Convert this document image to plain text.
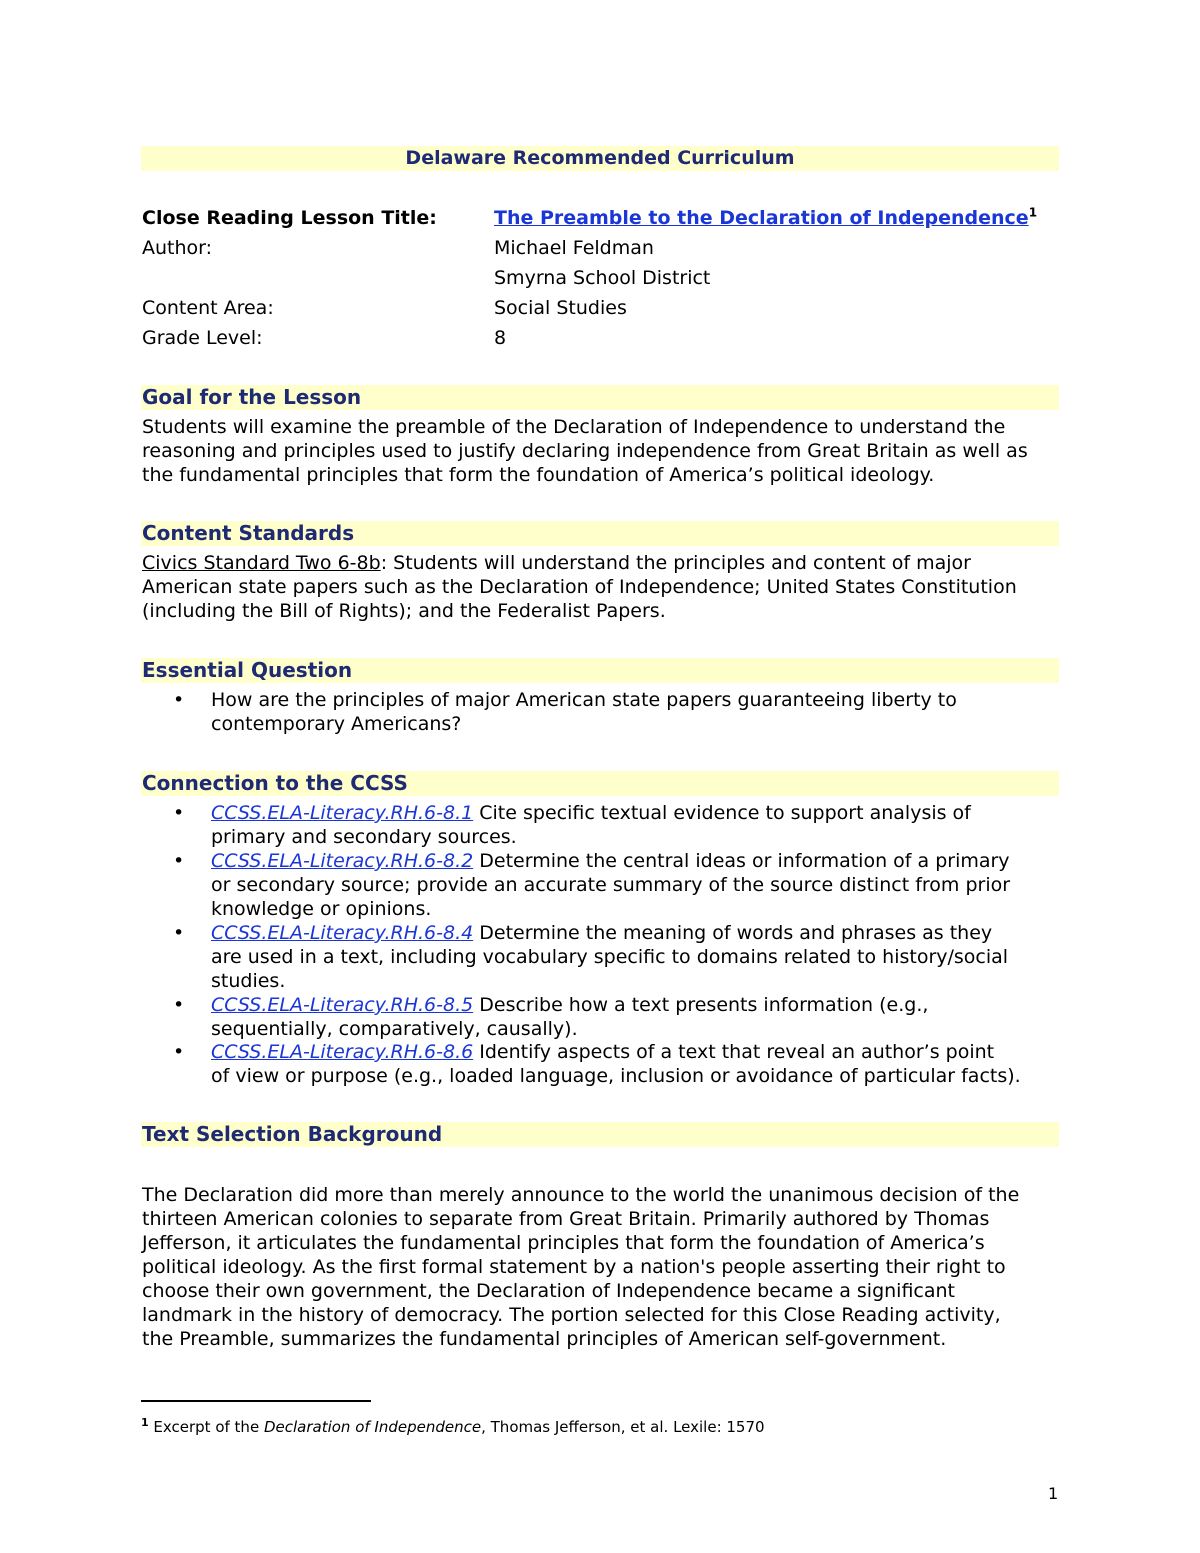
Delaware Recommended Curriculum
Close Reading Lesson Title:	The Preamble to the Declaration of Independence$^1$
Author:	Michael Feldman
Smyrna School District
Content Area:	Social Studies
Grade Level:	8
Goal for the Lesson
Students will examine the preamble of the Declaration of Independence to understand the
reasoning and principles used to justify declaring independence from Great Britain as well as
the fundamental principles that form the foundation of America’s political ideology.
Content Standards
Civics Standard Two 6-8b: Students will understand the principles and content of major
American state papers such as the Declaration of Independence; United States Constitution
(including the Bill of Rights); and the Federalist Papers.
Essential Question
• How are the principles of major American state papers guaranteeing liberty to
contemporary Americans?
Connection to the CCSS
• CCSS.ELA-Literacy.RH.6-8.1 Cite specific textual evidence to support analysis of
primary and secondary sources.
• CCSS.ELA-Literacy.RH.6-8.2 Determine the central ideas or information of a primary
or secondary source; provide an accurate summary of the source distinct from prior
knowledge or opinions.
• CCSS.ELA-Literacy.RH.6-8.4 Determine the meaning of words and phrases as they
are used in a text, including vocabulary specific to domains related to history/social
studies.
• CCSS.ELA-Literacy.RH.6-8.5 Describe how a text presents information (e.g.,
sequentially, comparatively, causally).
• CCSS.ELA-Literacy.RH.6-8.6 Identify aspects of a text that reveal an author’s point
of view or purpose (e.g., loaded language, inclusion or avoidance of particular facts).
Text Selection Background
The Declaration did more than merely announce to the world the unanimous decision of the
thirteen American colonies to separate from Great Britain. Primarily authored by Thomas
Jefferson, it articulates the fundamental principles that form the foundation of America’s
political ideology. As the first formal statement by a nation's people asserting their right to
choose their own government, the Declaration of Independence became a significant
landmark in the history of democracy. The portion selected for this Close Reading activity,
the Preamble, summarizes the fundamental principles of American self-government.
$^1$ Excerpt of the Declaration of Independence, Thomas Jefferson, et al. Lexile: 1570
1
